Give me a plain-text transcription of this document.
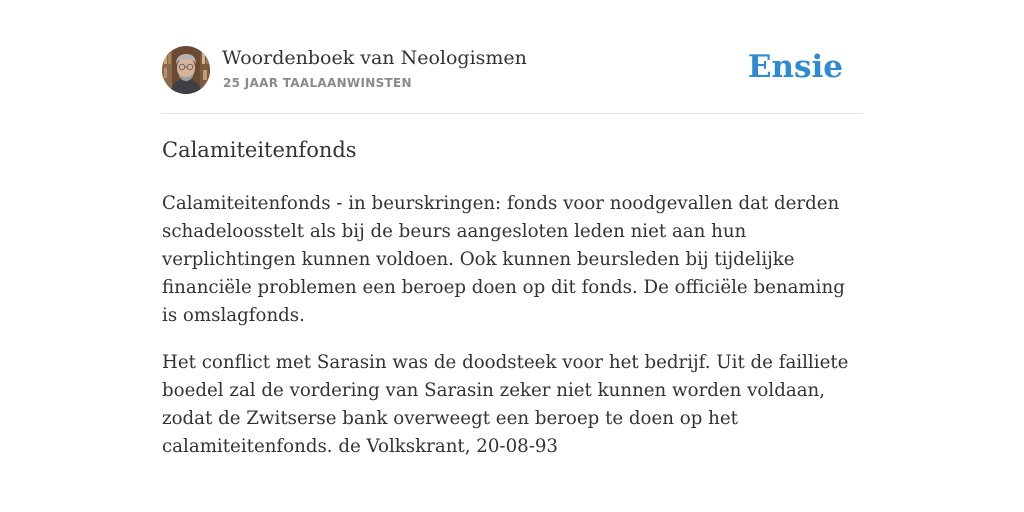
Woordenboek van Neologismen
25 JAAR TAALAANWINSTEN	Ensie
Calamiteitenfonds

Calamiteitenfonds - in beurskringen: fonds voor noodgevallen dat derden schadeloosstelt als bij de beurs aangesloten leden niet aan hun verplichtingen kunnen voldoen. Ook kunnen beursleden bij tijdelijke financiële problemen een beroep doen op dit fonds. De officiële benaming is omslagfonds.

Het conflict met Sarasin was de doodsteek voor het bedrijf. Uit de failliete boedel zal de vordering van Sarasin zeker niet kunnen worden voldaan, zodat de Zwitserse bank overweegt een beroep te doen op het calamiteitenfonds. de Volkskrant, 20-08-93
